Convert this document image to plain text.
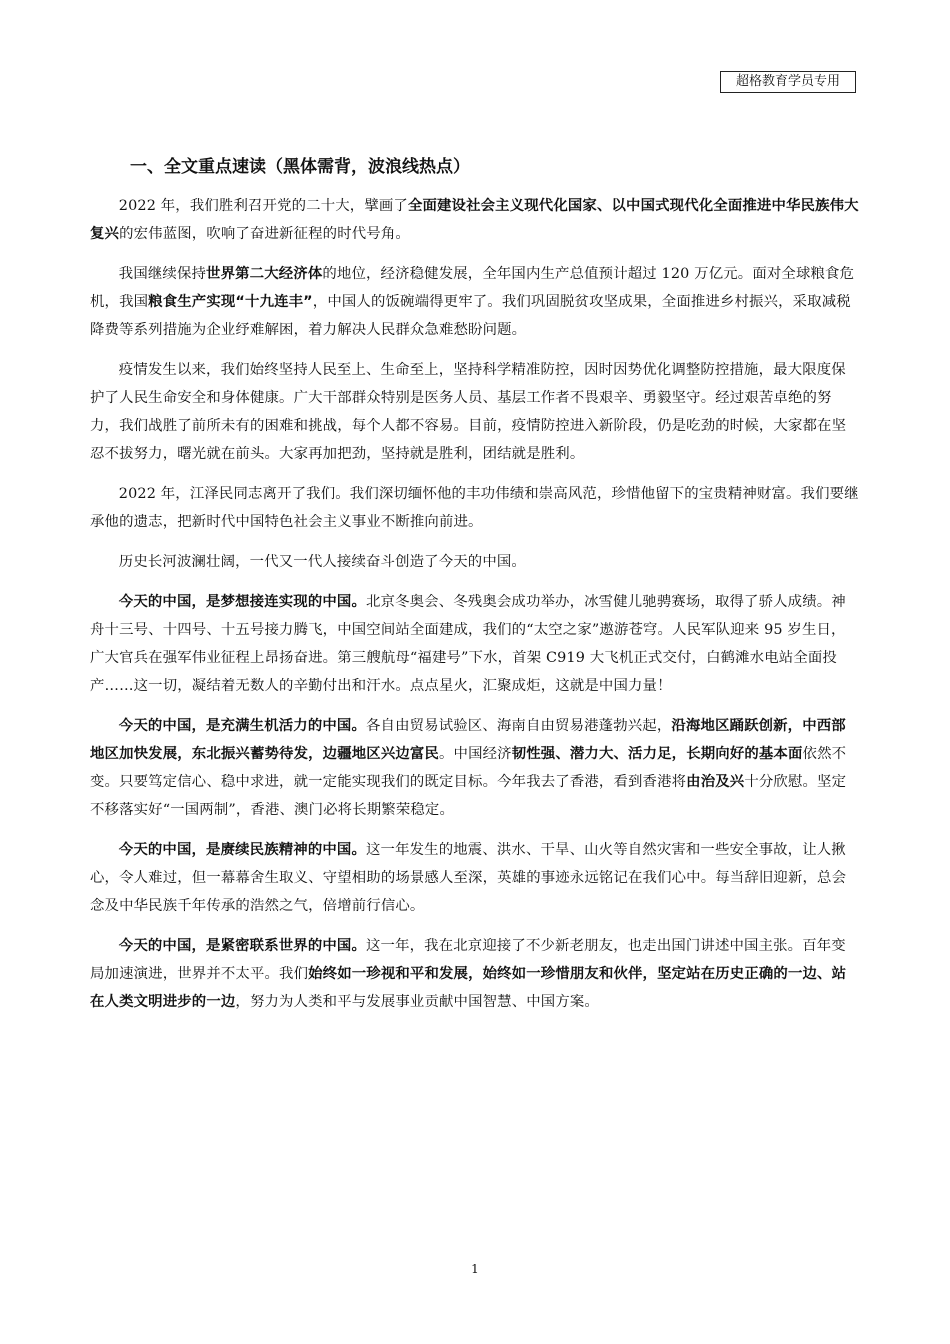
超格教育学员专用
一、全文重点速读（黑体需背，波浪线热点）

2022 年，我们胜利召开党的二十大，擘画了全面建设社会主义现代化国家、以中国式现代化全面推进中华民族伟大复兴的宏伟蓝图，吹响了奋进新征程的时代号角。

我国继续保持世界第二大经济体的地位，经济稳健发展，全年国内生产总值预计超过 120 万亿元。面对全球粮食危机，我国粮食生产实现“十九连丰”，中国人的饭碗端得更牢了。我们巩固脱贫攻坚成果，全面推进乡村振兴，采取减税降费等系列措施为企业纾难解困，着力解决人民群众急难愁盼问题。

疫情发生以来，我们始终坚持人民至上、生命至上，坚持科学精准防控，因时因势优化调整防控措施，最大限度保护了人民生命安全和身体健康。广大干部群众特别是医务人员、基层工作者不畏艰辛、勇毅坚守。经过艰苦卓绝的努力，我们战胜了前所未有的困难和挑战，每个人都不容易。目前，疫情防控进入新阶段，仍是吃劲的时候，大家都在坚忍不拔努力，曙光就在前头。大家再加把劲，坚持就是胜利，团结就是胜利。

2022 年，江泽民同志离开了我们。我们深切缅怀他的丰功伟绩和崇高风范，珍惜他留下的宝贵精神财富。我们要继承他的遗志，把新时代中国特色社会主义事业不断推向前进。

历史长河波澜壮阔，一代又一代人接续奋斗创造了今天的中国。

今天的中国，是梦想接连实现的中国。北京冬奥会、冬残奥会成功举办，冰雪健儿驰骋赛场，取得了骄人成绩。神舟十三号、十四号、十五号接力腾飞，中国空间站全面建成，我们的“太空之家”遨游苍穹。人民军队迎来 95 岁生日，广大官兵在强军伟业征程上昂扬奋进。第三艘航母“福建号”下水，首架 C919 大飞机正式交付，白鹤滩水电站全面投产……这一切，凝结着无数人的辛勤付出和汗水。点点星火，汇聚成炬，这就是中国力量！

今天的中国，是充满生机活力的中国。各自由贸易试验区、海南自由贸易港蓬勃兴起，沿海地区踊跃创新，中西部地区加快发展，东北振兴蓄势待发，边疆地区兴边富民。中国经济韧性强、潜力大、活力足，长期向好的基本面依然不变。只要笃定信心、稳中求进，就一定能实现我们的既定目标。今年我去了香港，看到香港将由治及兴十分欣慰。坚定不移落实好“一国两制”，香港、澳门必将长期繁荣稳定。

今天的中国，是赓续民族精神的中国。这一年发生的地震、洪水、干旱、山火等自然灾害和一些安全事故，让人揪心，令人难过，但一幕幕舍生取义、守望相助的场景感人至深，英雄的事迹永远铭记在我们心中。每当辞旧迎新，总会念及中华民族千年传承的浩然之气，倍增前行信心。

今天的中国，是紧密联系世界的中国。这一年，我在北京迎接了不少新老朋友，也走出国门讲述中国主张。百年变局加速演进，世界并不太平。我们始终如一珍视和平和发展，始终如一珍惜朋友和伙伴，坚定站在历史正确的一边、站在人类文明进步的一边，努力为人类和平与发展事业贡献中国智慧、中国方案。

1
